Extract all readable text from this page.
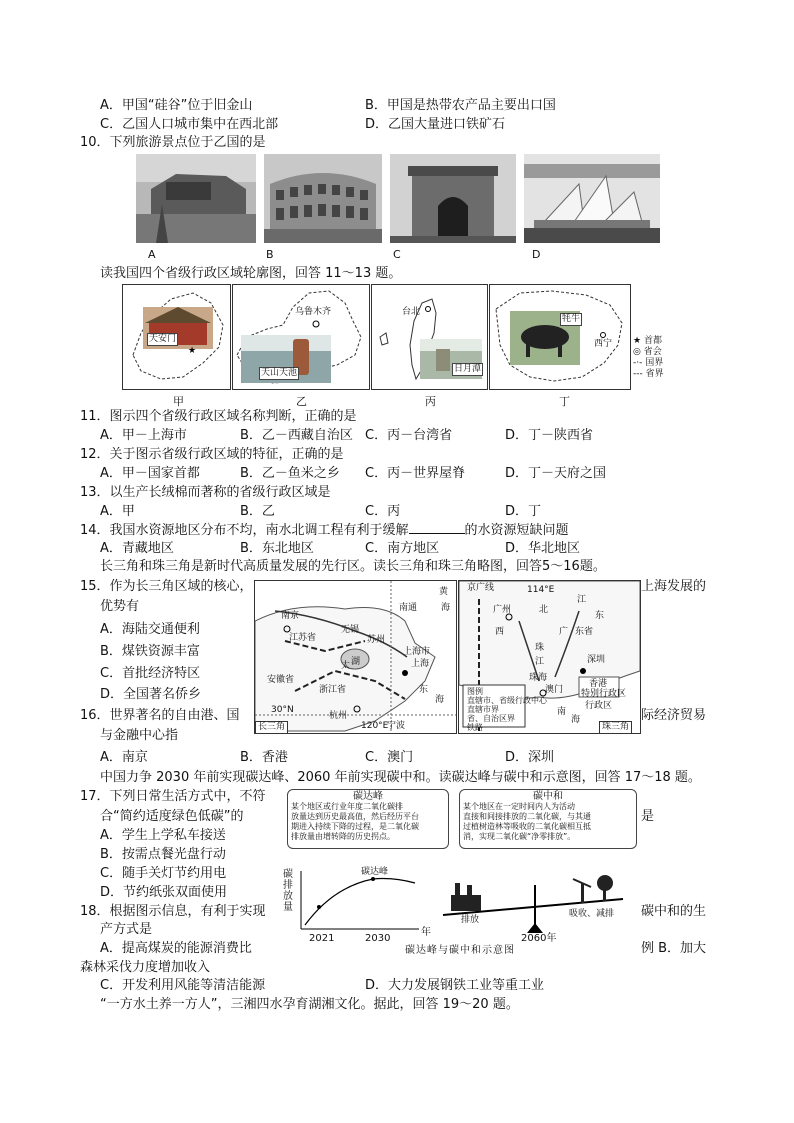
A．甲国“硅谷”位于旧金山	B．甲国是热带农产品主要出口国
C．乙国人口城市集中在西北部	D．乙国大量进口铁矿石
10．下列旅游景点位于乙国的是
A	B	C	D
读我国四个省级行政区域轮廓图，回答 11～13 题。
★
天安门
乌鲁木齐
天山天池
台北
日月潭
牦牛
西宁 ★ 首都
◎ 省会
-·- 国界
--- 省界
甲	乙	丙	丁
11．图示四个省级行政区域名称判断，正确的是
A．甲－上海市	B．乙－西藏自治区 C．丙－台湾省	D．丁－陕西省
12．关于图示省级行政区域的特征，正确的是
A．甲－国家首都	B．乙－鱼米之乡 C．丙－世界屋脊	D．丁－天府之国
13．以生产长绒棉而著称的省级行政区域是
A．甲	B．乙	C．丙	D．丁
14．我国水资源地区分布不均，南水北调工程有利于缓解	的水资源短缺问题
A．青藏地区	B．东北地区	C．南方地区	D．华北地区
长三角和珠三角是新时代高质量发展的先行区。读长三角和珠三角略图，回答5～16题。
15．作为长三角区域的核心，	上海发展的
优势有
A．海陆交通便利
B．煤铁资源丰富
C．首批经济特区
D．全国著名侨乡
南京
江苏省
无锡
苏州
南通
黄
海
上海市
上海
安徽省
浙江省
杭州
宁波
东
海
湖
太
30°N
120°E
长三角
京广线
广州
江
东
西
北
广 东省
珠
江
珠海
深圳
香港
澳门
南
海
特别行政区
行政区
图例
直辖市、省级行政中心
直辖市界
省、自治区界
铁路
114°E
珠三角
16．世界著名的自由港、国	际经济贸易
与金融中心指
A．南京	B．香港	C．澳门	D．深圳
中国力争 2030 年前实现碳达峰、2060 年前实现碳中和。读碳达峰与碳中和示意图，回答 17～18 题。
17．下列日常生活方式中，不符
合“简约适度绿色低碳”的	是
A．学生上学私车接送
B．按需点餐光盘行动
C．随手关灯节约用电
D．节约纸张双面使用
碳达峰
某个地区或行业年度二氧化碳排
放量达到历史最高值，然后经历平台
期进入持续下降的过程，是二氧化碳
排放量由增转降的历史拐点。
碳中和
某个地区在一定时间内人为活动
直接和间接排放的二氧化碳，与其通
过植树造林等吸收的二氧化碳相互抵
消，实现二氧化碳“净零排放”。
碳排放量
碳达峰
2021	2030
年
2060年
排放
吸收、减排
碳达峰与碳中和示意图
18．根据图示信息，有利于实现	碳中和的生
产方式是
A．提高煤炭的能源消费比	例 B．加大
森林采伐力度增加收入
C．开发利用风能等清洁能源	D．大力发展钢铁工业等重工业
“一方水土养一方人”，三湘四水孕育湖湘文化。据此，回答 19～20 题。
